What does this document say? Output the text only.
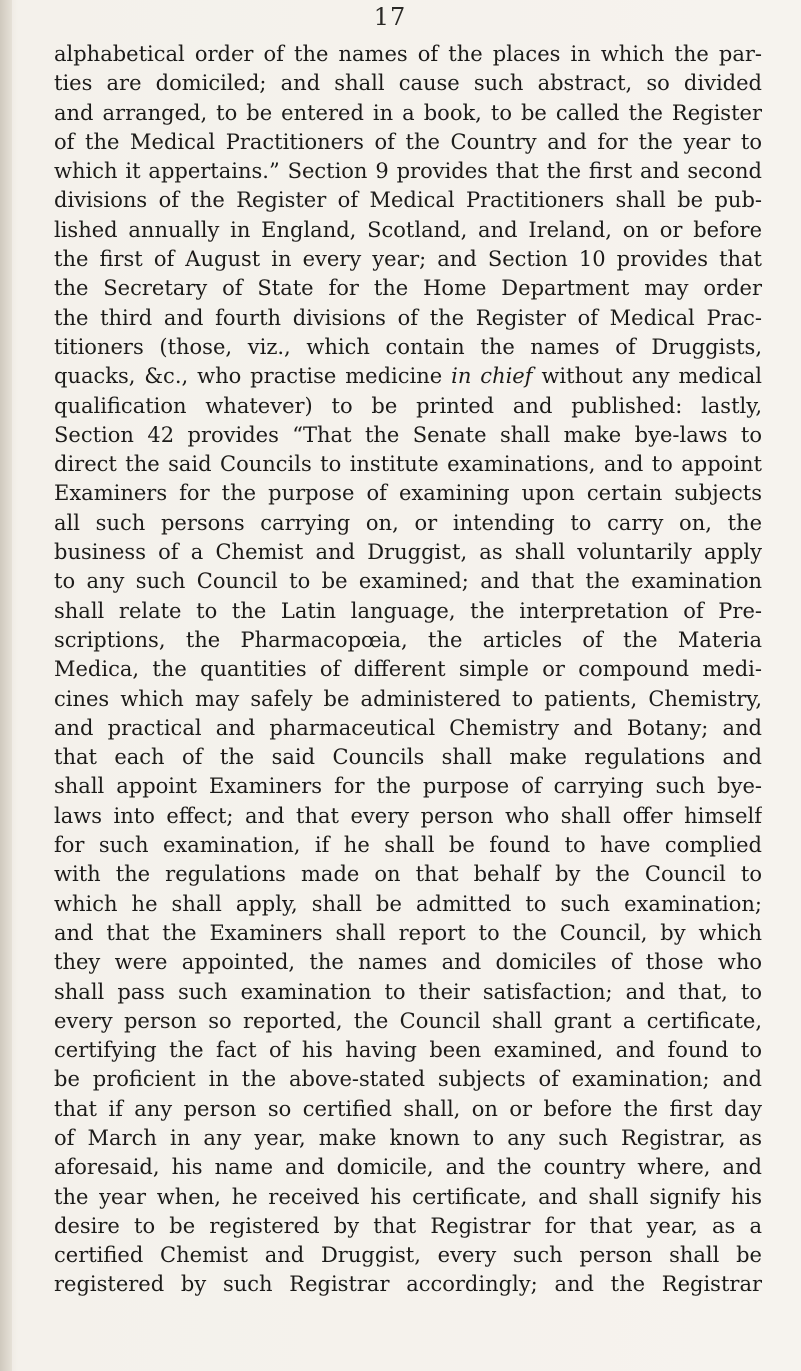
17
alphabetical order of the names of the places in which the par-
ties are domiciled; and shall cause such abstract, so divided
and arranged, to be entered in a book, to be called the Register
of the Medical Practitioners of the Country and for the year to
which it appertains.” Section 9 provides that the first and second
divisions of the Register of Medical Practitioners shall be pub-
lished annually in England, Scotland, and Ireland, on or before
the first of August in every year; and Section 10 provides that
the Secretary of State for the Home Department may order
the third and fourth divisions of the Register of Medical Prac-
titioners (those, viz., which contain the names of Druggists,
quacks, &c., who practise medicine in chief without any medical
qualification whatever) to be printed and published: lastly,
Section 42 provides “That the Senate shall make bye-laws to
direct the said Councils to institute examinations, and to appoint
Examiners for the purpose of examining upon certain subjects
all such persons carrying on, or intending to carry on, the
business of a Chemist and Druggist, as shall voluntarily apply
to any such Council to be examined; and that the examination
shall relate to the Latin language, the interpretation of Pre-
scriptions, the Pharmacopœia, the articles of the Materia
Medica, the quantities of different simple or compound medi-
cines which may safely be administered to patients, Chemistry,
and practical and pharmaceutical Chemistry and Botany; and
that each of the said Councils shall make regulations and
shall appoint Examiners for the purpose of carrying such bye-
laws into effect; and that every person who shall offer himself
for such examination, if he shall be found to have complied
with the regulations made on that behalf by the Council to
which he shall apply, shall be admitted to such examination;
and that the Examiners shall report to the Council, by which
they were appointed, the names and domiciles of those who
shall pass such examination to their satisfaction; and that, to
every person so reported, the Council shall grant a certificate,
certifying the fact of his having been examined, and found to
be proficient in the above-stated subjects of examination; and
that if any person so certified shall, on or before the first day
of March in any year, make known to any such Registrar, as
aforesaid, his name and domicile, and the country where, and
the year when, he received his certificate, and shall signify his
desire to be registered by that Registrar for that year, as a
certified Chemist and Druggist, every such person shall be
registered by such Registrar accordingly; and the Registrar
